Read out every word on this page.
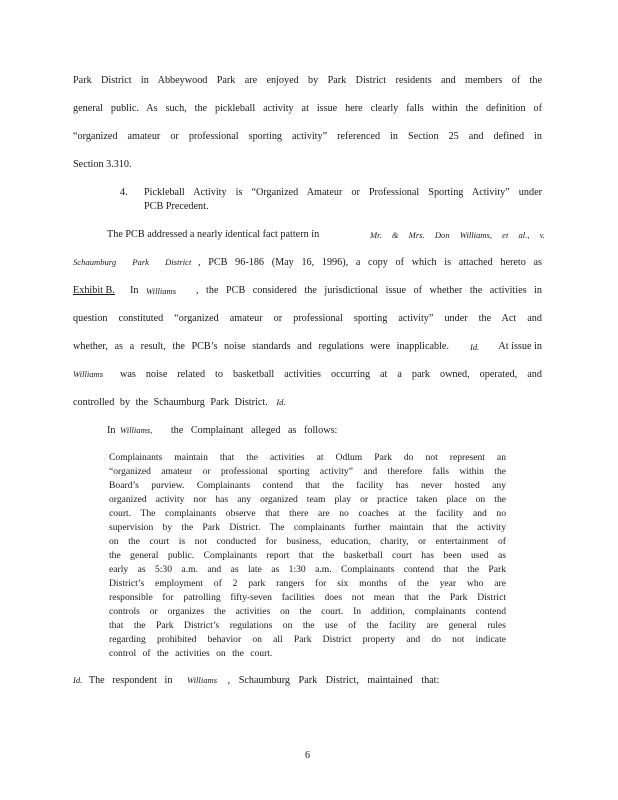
Park District in Abbeywood Park are enjoyed by Park District residents and members of the
general public. As such, the pickleball activity at issue here clearly falls within the definition of
“organized amateur or professional sporting activity” referenced in Section 25 and defined in
Section 3.310.
4. Pickleball Activity is “Organized Amateur or Professional Sporting Activity” under
PCB Precedent.
The PCB addressed a nearly identical fact pattern in	Mr. & Mrs. Don Williams, et al., v.
Schaumburg Park District , PCB 96-186 (May 16, 1996), a copy of which is attached hereto as
Exhibit B. In Williams , the PCB considered the jurisdictional issue of whether the activities in
question constituted “organized amateur or professional sporting activity” under the Act and
whether, as a result, the PCB’s noise standards and regulations were inapplicable. Id. At issue in
Williams was noise related to basketball activities occurring at a park owned, operated, and
controlled by the Schaumburg Park District. Id.
In Williams, the Complainant alleged as follows:
Complainants maintain that the activities at Odlum Park do not represent an
“organized amateur or professional sporting activity” and therefore falls within the
Board’s purview. Complainants contend that the facility has never hosted any
organized activity nor has any organized team play or practice taken place on the
court. The complainants observe that there are no coaches at the facility and no
supervision by the Park District. The complainants further maintain that the activity
on the court is not conducted for business, education, charity, or entertainment of
the general public. Complainants report that the basketball court has been used as
early as 5:30 a.m. and as late as 1:30 a.m. Complainants contend that the Park
District’s employment of 2 park rangers for six months of the year who are
responsible for patrolling fifty-seven facilities does not mean that the Park District
controls or organizes the activities on the court. In addition, complainants contend
that the Park District’s regulations on the use of the facility are general rules
regarding prohibited behavior on all Park District property and do not indicate
control of the activities on the court.
Id. The respondent in Williams , Schaumburg Park District, maintained that:
6
